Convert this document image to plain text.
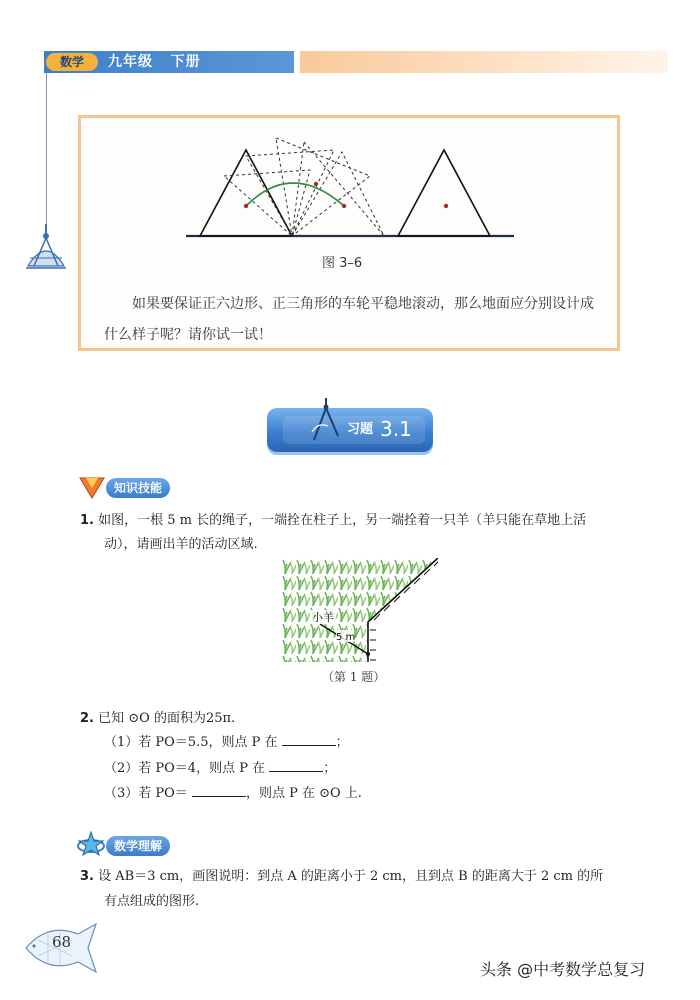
数学	九年级   下册
图 3–6
如果要保证正六边形、正三角形的车轮平稳地滚动，那么地面应分别设计成什么样子呢？请你试一试！
习题 3.1
知识技能
1. 如图，一根 5 m 长的绳子，一端拴在柱子上，另一端拴着一只羊（羊只能在草地上活
动），请画出羊的活动区域.
小羊
5 m
（第 1 题）
2. 已知 ⊙O 的面积为25π.
（1）若 PO＝5.5，则点 P 在	；
（2）若 PO＝4，则点 P 在	；
（3）若 PO＝	，则点 P 在 ⊙O 上.
数学理解
3. 设 AB＝3 cm，画图说明：到点 A 的距离小于 2 cm，且到点 B 的距离大于 2 cm 的所
有点组成的图形.
68
头条 @中考数学总复习
